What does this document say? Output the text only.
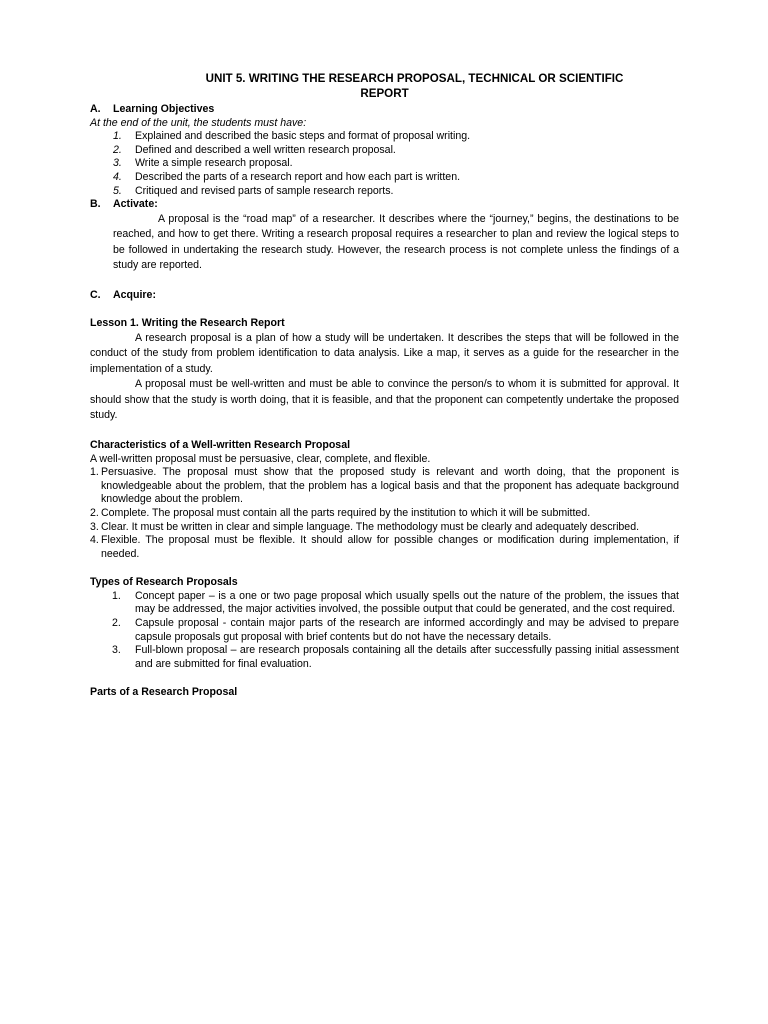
UNIT 5. WRITING THE RESEARCH PROPOSAL, TECHNICAL OR SCIENTIFIC
REPORT
A.	Learning Objectives
At the end of the unit, the students must have:
1.	Explained and described the basic steps and format of proposal writing.
2.	Defined and described a well written research proposal.
3.	Write a simple research proposal.
4.	Described the parts of a research report and how each part is written.
5.	Critiqued and revised parts of sample research reports.
B.	Activate:
A proposal is the “road map” of a researcher. It describes where the “journey,” begins, the destinations to be reached, and how to get there. Writing a research proposal requires a researcher to plan and review the logical steps to be followed in undertaking the research study. However, the research process is not complete unless the findings of a study are reported.
C.	Acquire:
Lesson 1. Writing the Research Report
A research proposal is a plan of how a study will be undertaken. It describes the steps that will be followed in the conduct of the study from problem identification to data analysis. Like a map, it serves as a guide for the researcher in the implementation of a study.
A proposal must be well-written and must be able to convince the person/s to whom it is submitted for approval. It should show that the study is worth doing, that it is feasible, and that the proponent can competently undertake the proposed study.
Characteristics of a Well-written Research Proposal
A well-written proposal must be persuasive, clear, complete, and flexible.
1. Persuasive. The proposal must show that the proposed study is relevant and worth doing, that the proponent is knowledgeable about the problem, that the problem has a logical basis and that the proponent has adequate background knowledge about the problem.
2. Complete. The proposal must contain all the parts required by the institution to which it will be submitted.
3. Clear. It must be written in clear and simple language. The methodology must be clearly and adequately described.
4. Flexible. The proposal must be flexible. It should allow for possible changes or modification during implementation, if needed.
Types of Research Proposals
1.	Concept paper – is a one or two page proposal which usually spells out the nature of the problem, the issues that may be addressed, the major activities involved, the possible output that could be generated, and the cost required.
2.	Capsule proposal - contain major parts of the research are informed accordingly and may be advised to prepare capsule proposals gut proposal with brief contents but do not have the necessary details.
3.	Full-blown proposal – are research proposals containing all the details after successfully passing initial assessment and are submitted for final evaluation.
Parts of a Research Proposal
